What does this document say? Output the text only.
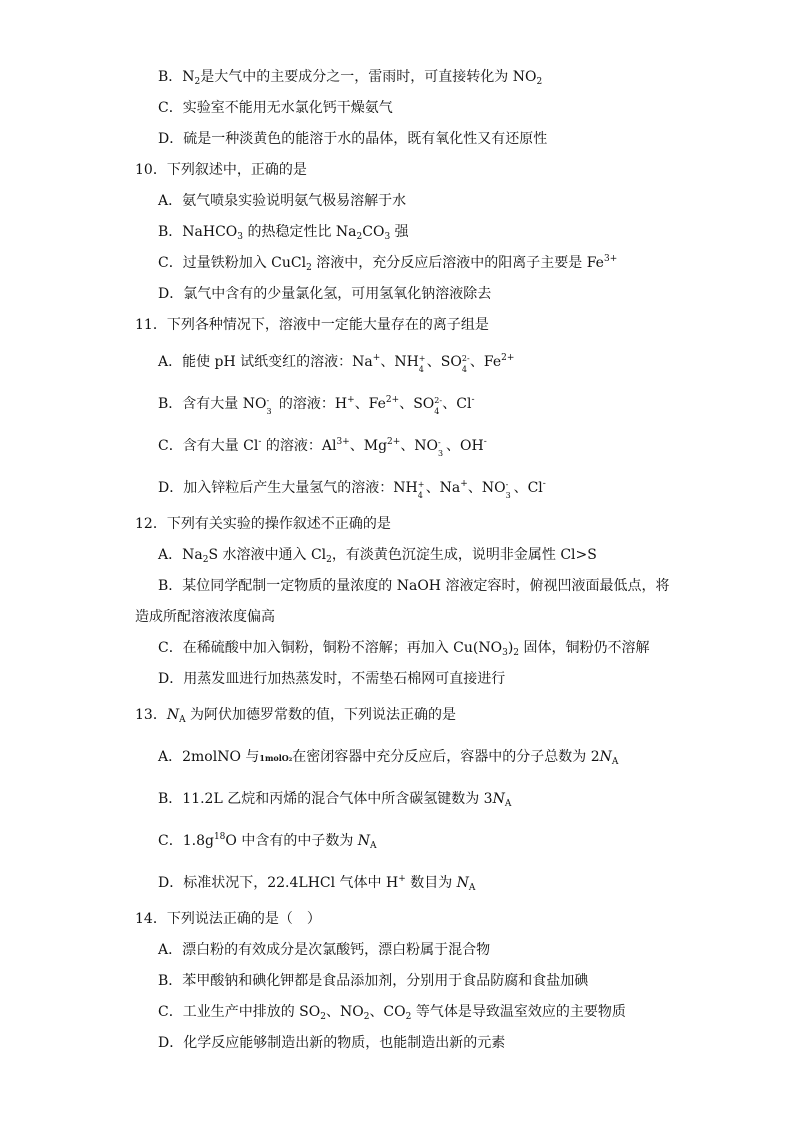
B．$N_2$是大气中的主要成分之一，雷雨时，可直接转化为 $NO_2$
C．实验室不能用无水氯化钙干燥氨气
D．硫是一种淡黄色的能溶于水的晶体，既有氧化性又有还原性
10．下列叙述中，正确的是
A．氨气喷泉实验说明氨气极易溶解于水
B．NaHCO$_3$ 的热稳定性比 $Na_2CO_3$ 强
C．过量铁粉加入 CuCl$_2$ 溶液中，充分反应后溶液中的阳离子主要是 $Fe^{3+}$
D．氯气中含有的少量氯化氢，可用氢氧化钠溶液除去
11．下列各种情况下，溶液中一定能大量存在的离子组是
A．能使 pH 试纸变红的溶液：Na+、NH +
4 、SO 2-
4 、$Fe^{2+}$
B．含有大量 NO -
3 的溶液：H+、$Fe^{2+}$、SO 2-
4 、Cl-
C．含有大量 Cl- 的溶液：$Al^{3+}$、$Mg^{2+}$、NO -
3 、OH-
D．加入锌粒后产生大量氢气的溶液：NH +
4 、Na+、NO -
3 、Cl-
12．下列有关实验的操作叙述不正确的是
A．$Na_2S$ 水溶液中通入 $Cl_2$，有淡黄色沉淀生成，说明非金属性 Cl>S
B．某位同学配制一定物质的量浓度的 NaOH 溶液定容时，俯视凹液面最低点，将
造成所配溶液浓度偏高
C．在稀硫酸中加入铜粉，铜粉不溶解；再加入 $Cu(NO_3)_2$ 固体，铜粉仍不溶解
D．用蒸发皿进行加热蒸发时，不需垫石棉网可直接进行
13．$N_A$ 为阿伏加德罗常数的值，下列说法正确的是
A．2molNO 与1molO₂在密闭容器中充分反应后，容器中的分子总数为 $2N_A$
B．11.2L 乙烷和丙烯的混合气体中所含碳氢键数为 $3N_A$
C．$1.8g^{18}O$ 中含有的中子数为 $N_A$
D．标准状况下，22.4LHCl 气体中 H+ 数目为 $N_A$
14．下列说法正确的是（　）
A．漂白粉的有效成分是次氯酸钙，漂白粉属于混合物
B．苯甲酸钠和碘化钾都是食品添加剂，分别用于食品防腐和食盐加碘
C．工业生产中排放的 $SO_2$、$NO_2$、$CO_2$ 等气体是导致温室效应的主要物质
D．化学反应能够制造出新的物质，也能制造出新的元素
